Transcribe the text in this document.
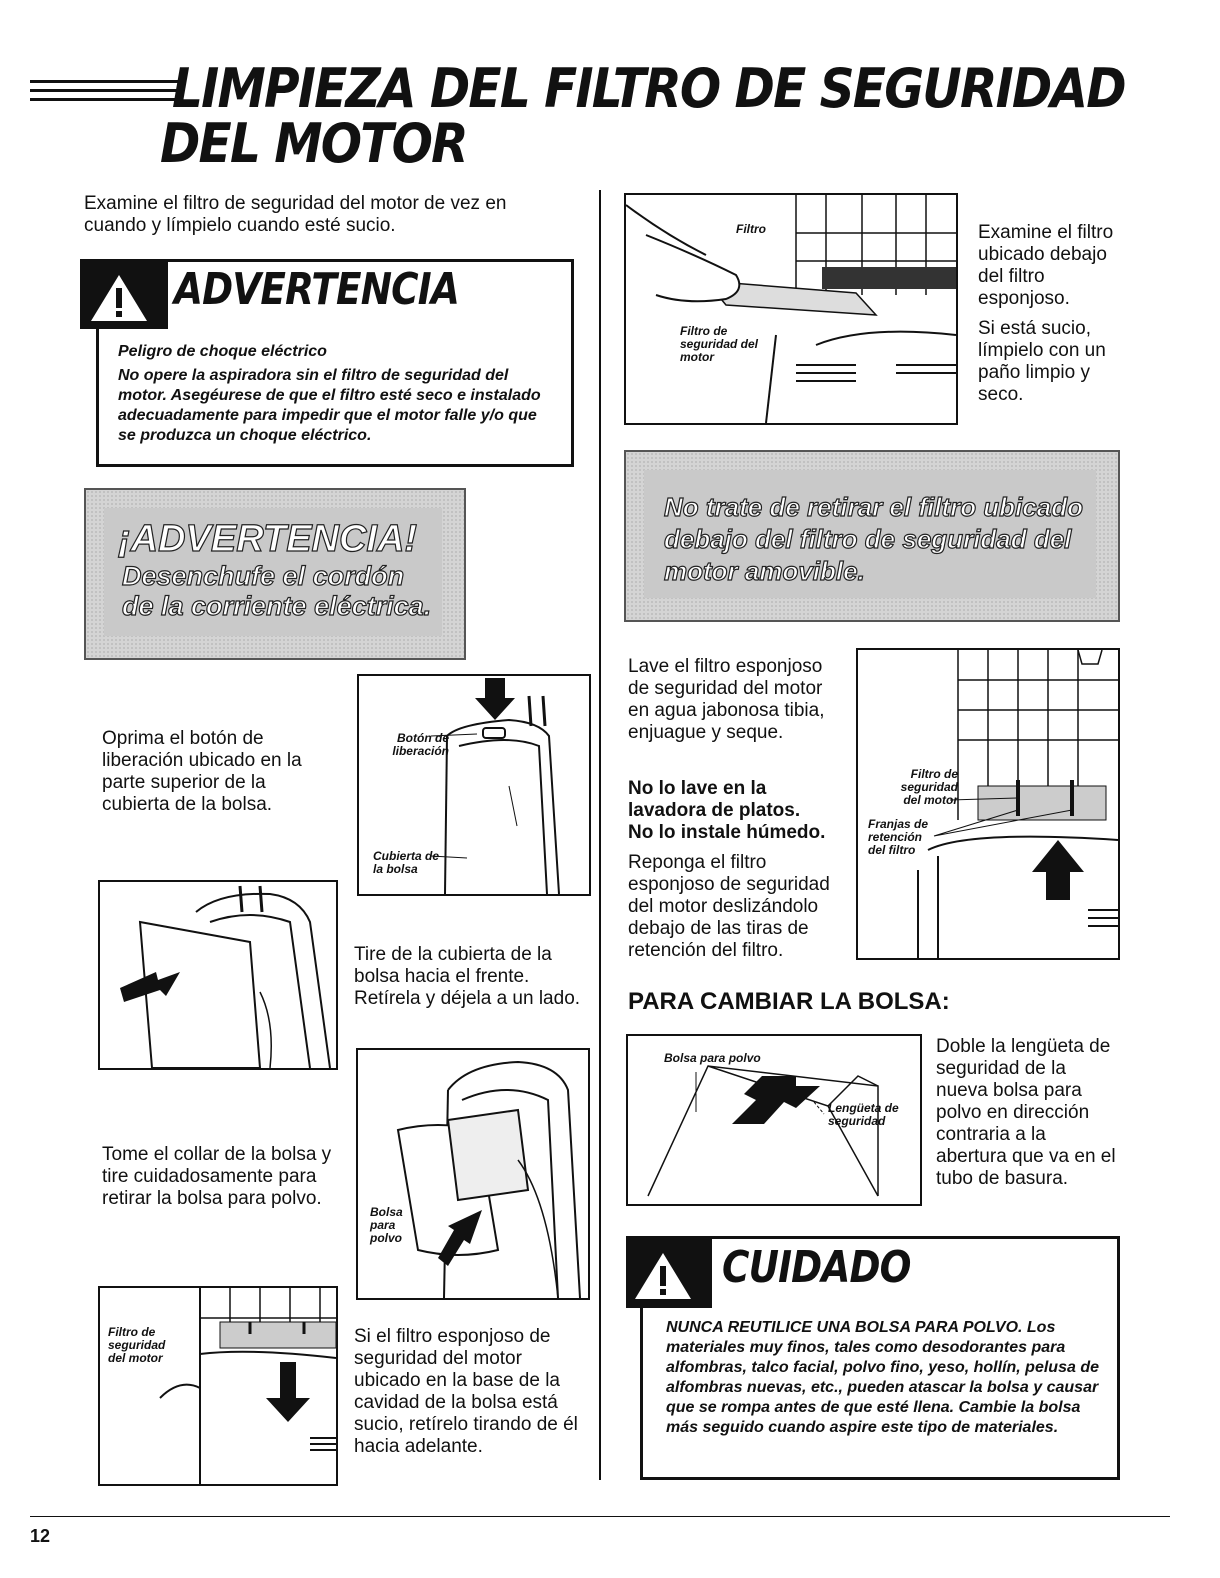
LIMPIEZA DEL FILTRO DE SEGURIDAD
DEL MOTOR
Examine el filtro de seguridad del motor de vez en cuando y límpielo cuando esté sucio.
ADVERTENCIA
Peligro de choque eléctrico
No opere la aspiradora sin el filtro de seguridad del motor. Asegéurese de que el filtro esté seco e instalado adecuadamente para impedir que el motor falle y/o que se produzca un choque eléctrico.
¡ADVERTENCIA!
Desenchufe el cordón
de la corriente eléctrica.
Oprima el botón de liberación ubicado en la parte superior de la cubierta de la bolsa.
Botón de liberación
Cubierta de la bolsa
Tire de la cubierta de la bolsa hacia el frente. Retírela y déjela a un lado.
Bolsa para polvo
Tome el collar de la bolsa y tire cuidadosamente para retirar la bolsa para polvo.
Filtro de seguridad del motor
Si el filtro esponjoso de seguridad del motor ubicado en la base de la cavidad de la bolsa está sucio, retírelo tirando de él hacia adelante.
Filtro
Filtro de seguridad del motor
Examine el filtro ubicado debajo del filtro esponjoso.
Si está sucio, límpielo con un paño limpio y seco.
No trate de retirar el filtro ubicado
debajo del filtro de seguridad del
motor amovible.
Lave el filtro esponjoso de seguridad del motor en agua jabonosa tibia, enjuague y seque.
No lo lave en la lavadora de platos.
No lo instale húmedo.
Reponga el filtro esponjoso de seguridad del motor deslizándolo debajo de las tiras de retención del filtro.
Filtro de seguridad del motor
Franjas de retención del filtro
PARA CAMBIAR LA BOLSA:
Bolsa para polvo
Lengüeta de seguridad
Doble la lengüeta de seguridad de la nueva bolsa para polvo en dirección contraria a la abertura que va en el tubo de basura.
CUIDADO
NUNCA REUTILICE UNA BOLSA PARA POLVO. Los materiales muy finos, tales como desodorantes para alfombras, talco facial, polvo fino, yeso, hollín, pelusa de alfombras nuevas, etc., pueden atascar la bolsa y causar que se rompa antes de que esté llena. Cambie la bolsa más seguido cuando aspire este tipo de materiales.
12
